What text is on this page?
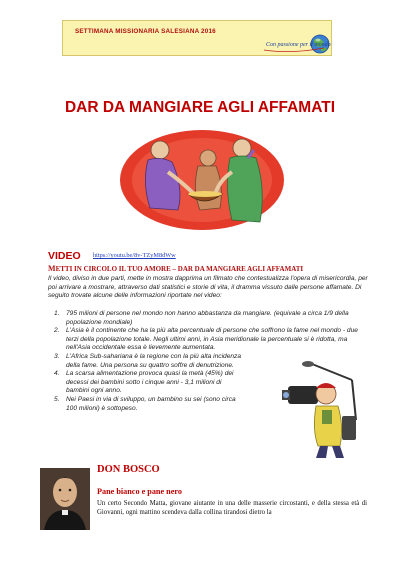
SETTIMANA MISSIONARIA SALESIANA 2016
Con passione per il mondo
DAR DA MANGIARE AGLI AFFAMATI
VIDEO https://youtu.be/8v-TZyM8dWw
METTI IN CIRCOLO IL TUO AMORE – DAR DA MANGIARE AGLI AFFAMATI
Il video, diviso in due parti, mette in mostra dapprima un filmato che contestualizza l'opera di misericordia, per poi arrivare a mostrare, attraverso dati statistici e storie di vita, il dramma vissuto dalle persone affamate. Di seguito trovate alcune delle informazioni riportate nel video:
1. 795 milioni di persone nel mondo non hanno abbastanza da mangiare. (equivale a circa 1/9 della popolazione mondiale)
2. L'Asia è il continente che ha la più alta percentuale di persone che soffrono la fame nel mondo - due terzi della popolazione totale. Negli ultimi anni, in Asia meridionale la percentuale si è ridotta, ma nell'Asia occidentale essa è lievemente aumentata.
3. L'Africa Sub-sahariana è la regione con la più alta incidenza della fame. Una persona su quattro soffre di denutrizione.
4. La scarsa alimentazione provoca quasi la metà (45%) dei decessi dei bambini sotto i cinque anni - 3,1 milioni di bambini ogni anno.
5. Nei Paesi in via di sviluppo, un bambino su sei (sono circa 100 milioni) è sottopeso.
DON BOSCO
Pane bianco e pane nero
Un certo Secondo Matta, giovane aiutante in una delle masserie circostanti, e della stessa età di Giovanni, ogni mattino scendeva dalla collina tirandosi dietro la
